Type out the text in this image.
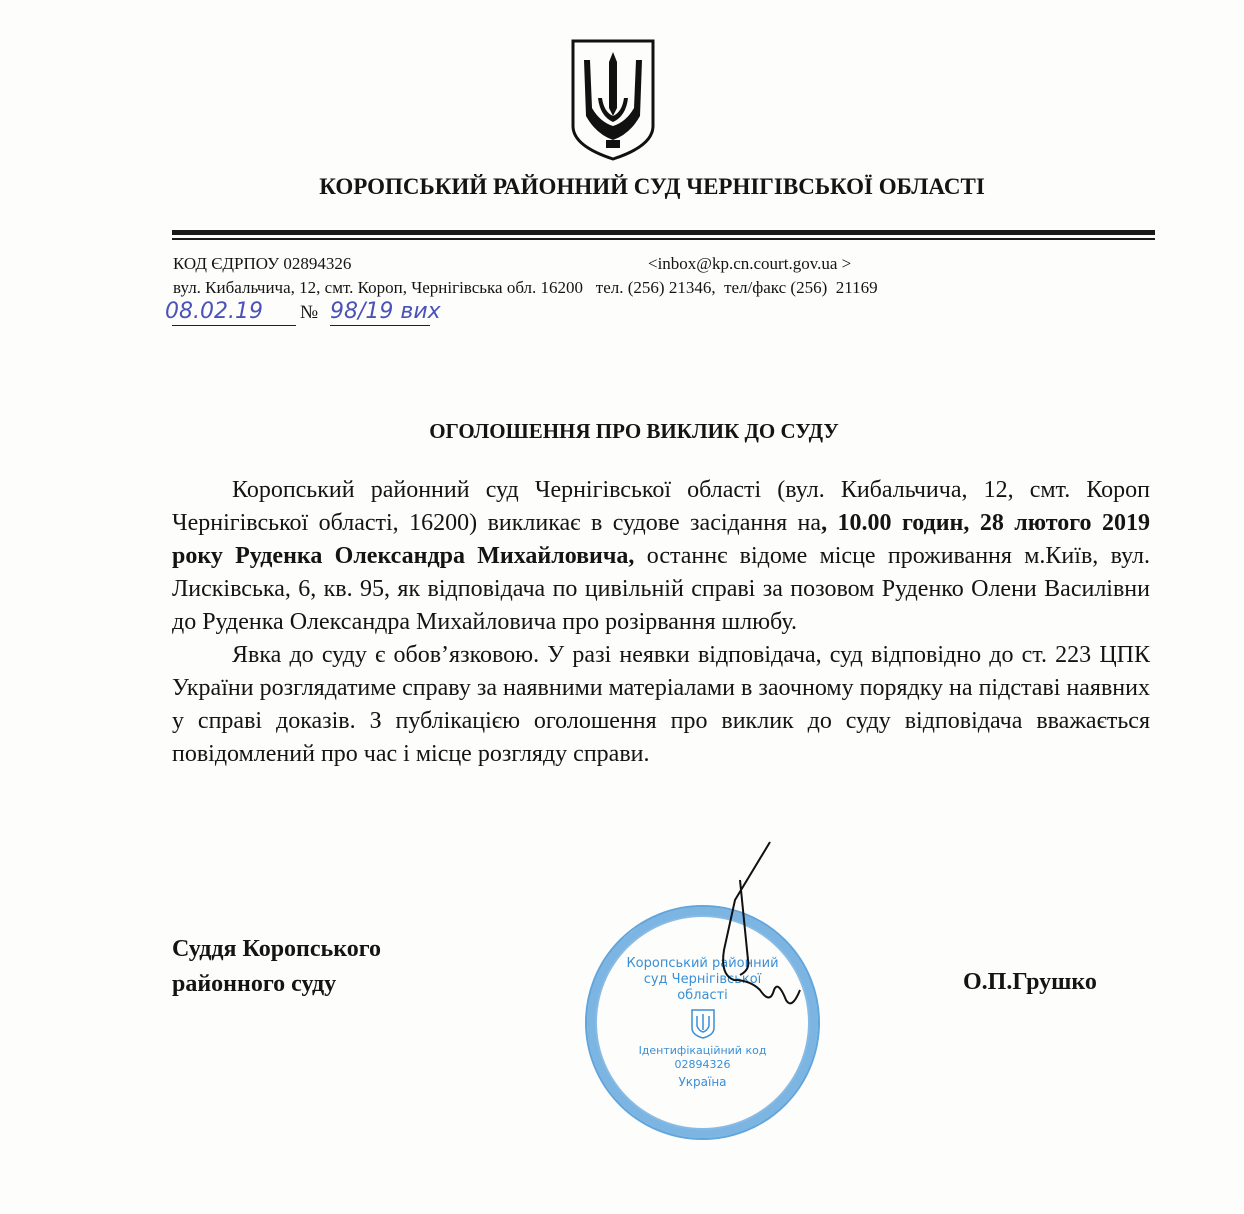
КОРОПСЬКИЙ РАЙОННИЙ СУД ЧЕРНІГІВСЬКОЇ ОБЛАСТІ
КОД ЄДРПОУ 02894326	<inbox@kp.cn.court.gov.ua >
вул. Кибальчича, 12, смт. Короп, Чернігівська обл. 16200   тел. (256) 21346,  тел/факс (256)  21169
08.02.19 № 98/19 вих
ОГОЛОШЕННЯ ПРО ВИКЛИК ДО СУДУ

Коропський районний суд Чернігівської області (вул. Кибальчича, 12, смт. Короп Чернігівської області, 16200) викликає в судове засідання на, 10.00 годин, 28 лютого 2019 року Руденка Олександра Михайловича, останнє відоме місце проживання м.Київ, вул. Лисківська, 6, кв. 95, як відповідача по цивільній справі за позовом Руденко Олени Василівни до Руденка Олександра Михайловича про розірвання шлюбу.

Явка до суду є обов’язковою. У разі неявки відповідача, суд відповідно до ст. 223 ЦПК України розглядатиме справу за наявними матеріалами в заочному порядку на підставі наявних у справі доказів. З публікацією оголошення про виклик до суду відповідача вважається повідомлений про час і місце розгляду справи.

Суддя Коропського
районного суду	О.П.Грушко
Коропський районний суд Чернігівської області
Ідентифікаційний код 02894326
Україна
